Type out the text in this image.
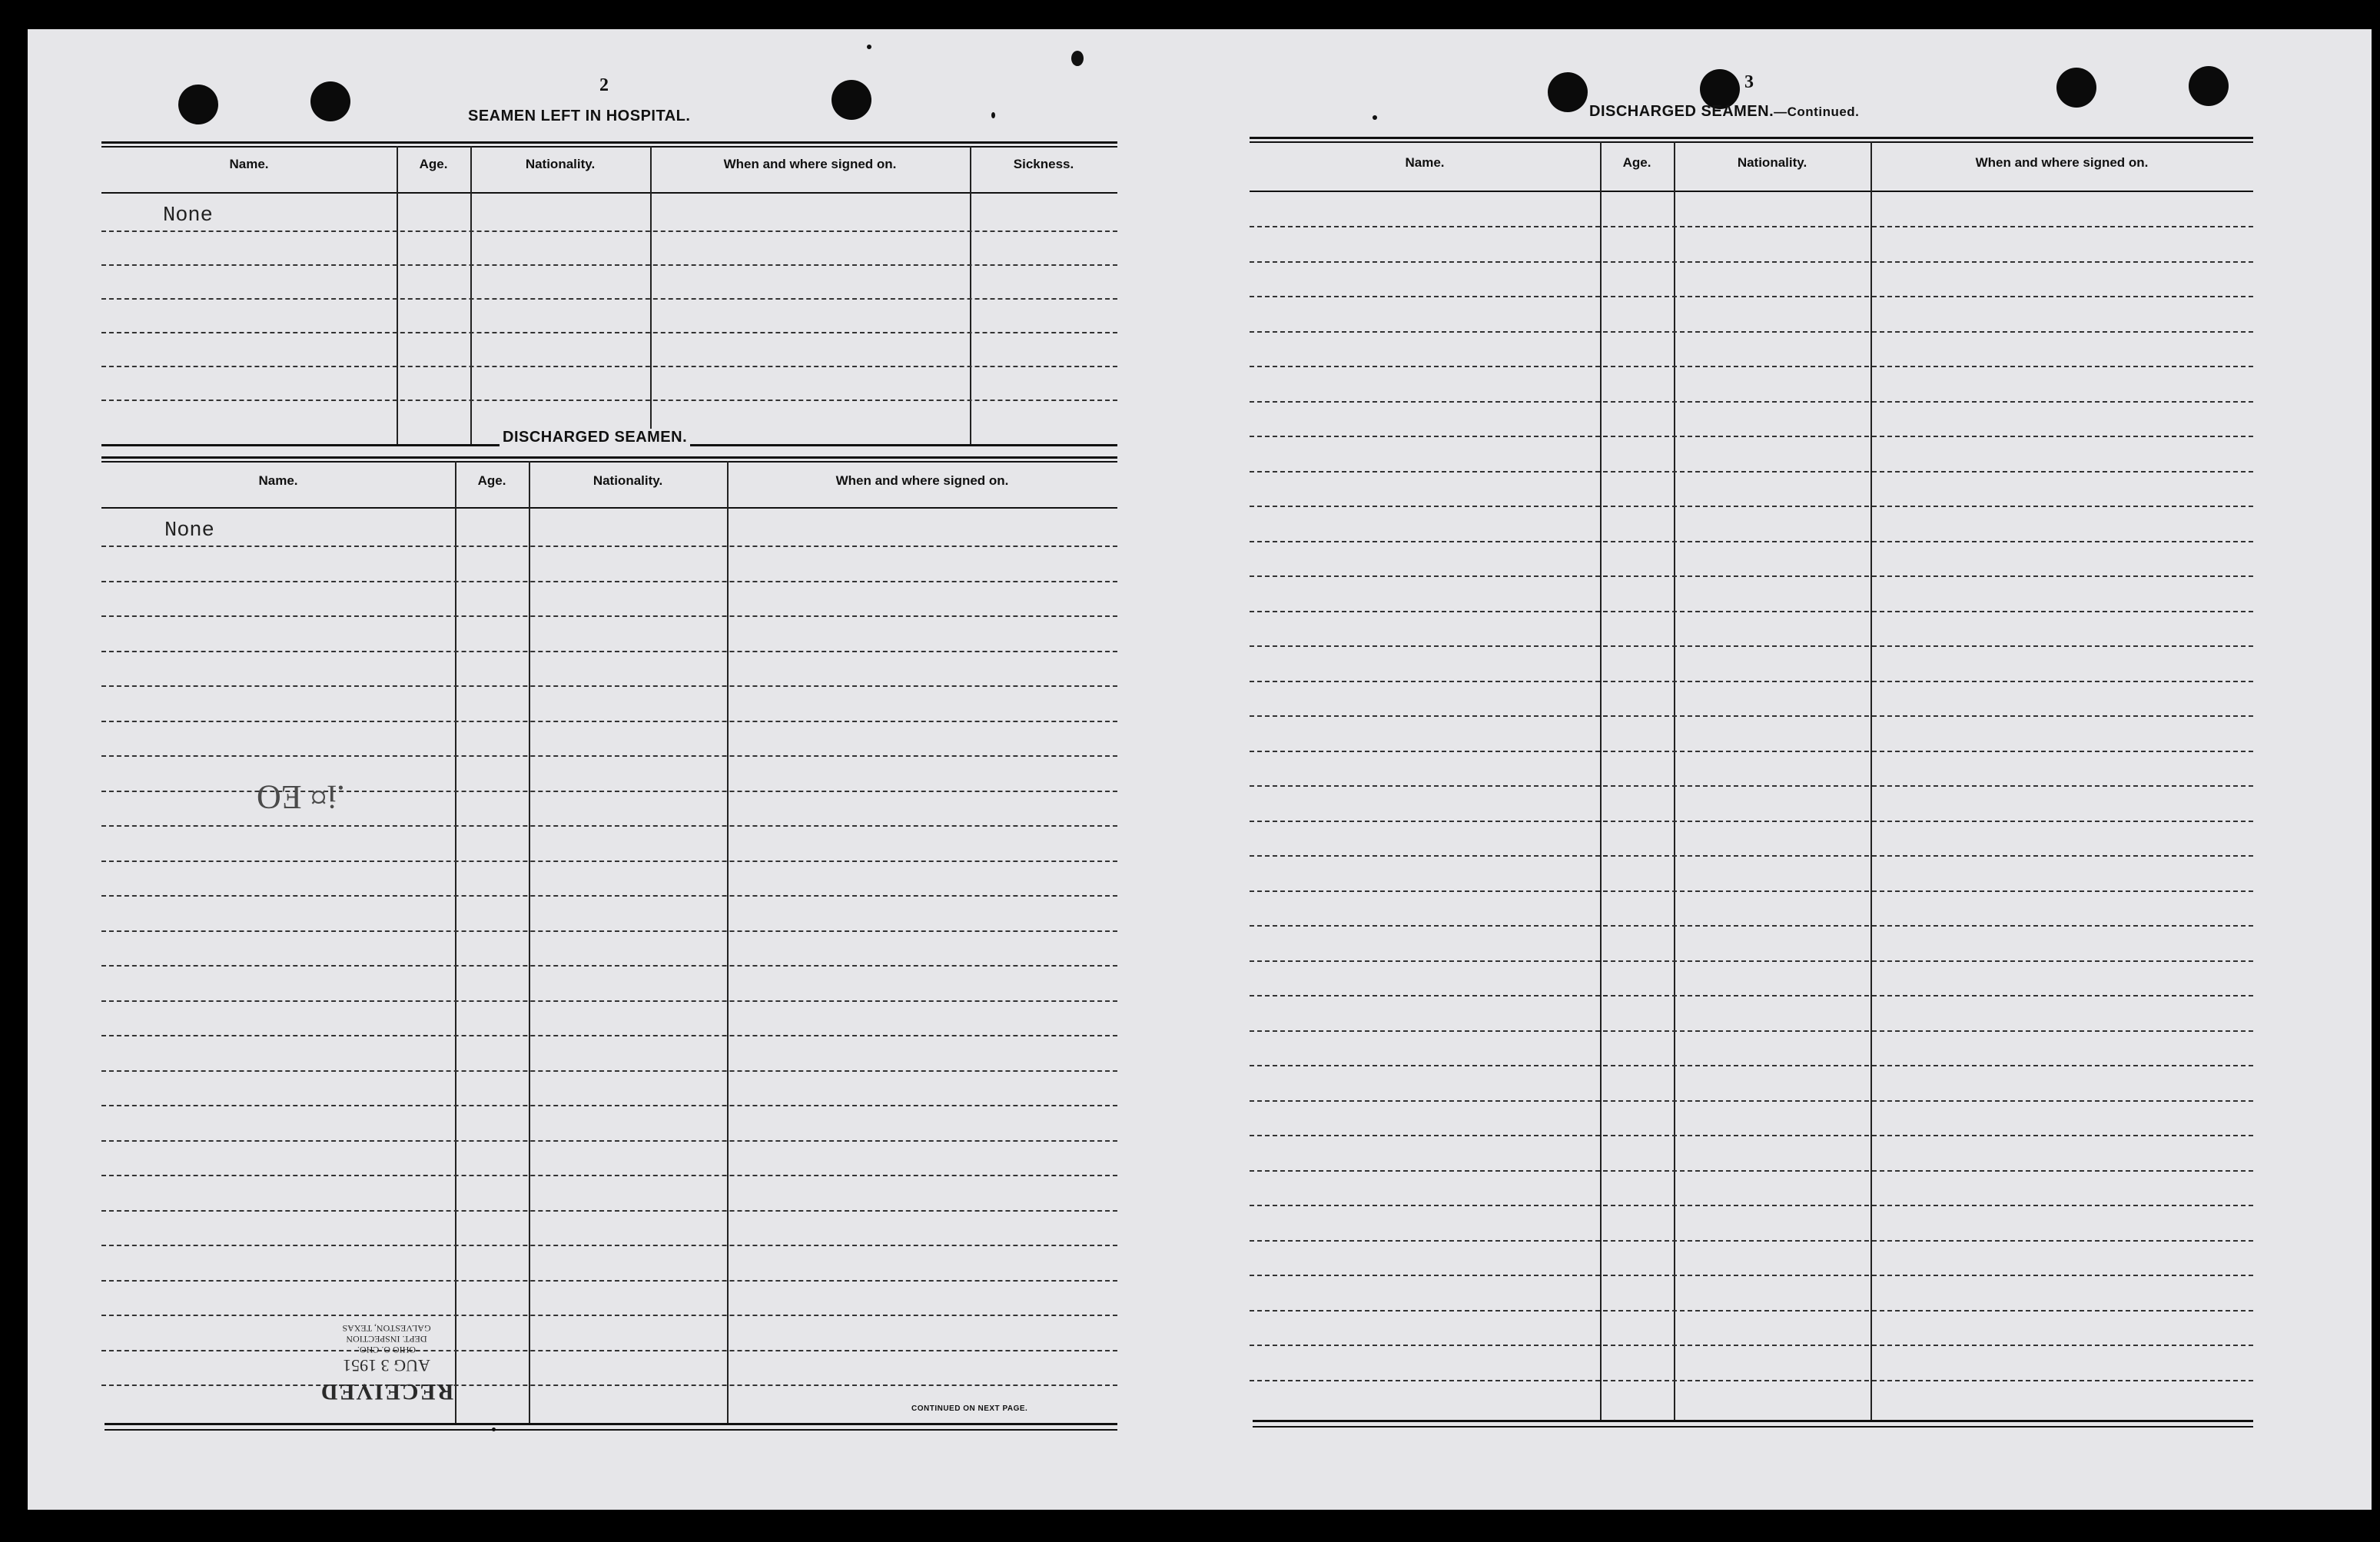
2
SEAMEN LEFT IN HOSPITAL.
Name.	Age.	Nationality.	When and where signed on.	Sickness.
None
DISCHARGED SEAMEN.
Name.	Age.	Nationality.	When and where signed on.
None
CONTINUED ON NEXT PAGE.
.i¤ EO
RECEIVED
AUG 3 1951
OHIO O. CHO.
DEPT. INSPECTION
GALVESTON, TEXAS
3
DISCHARGED SEAMEN.—Continued.
Name.	Age.	Nationality.	When and where signed on.
